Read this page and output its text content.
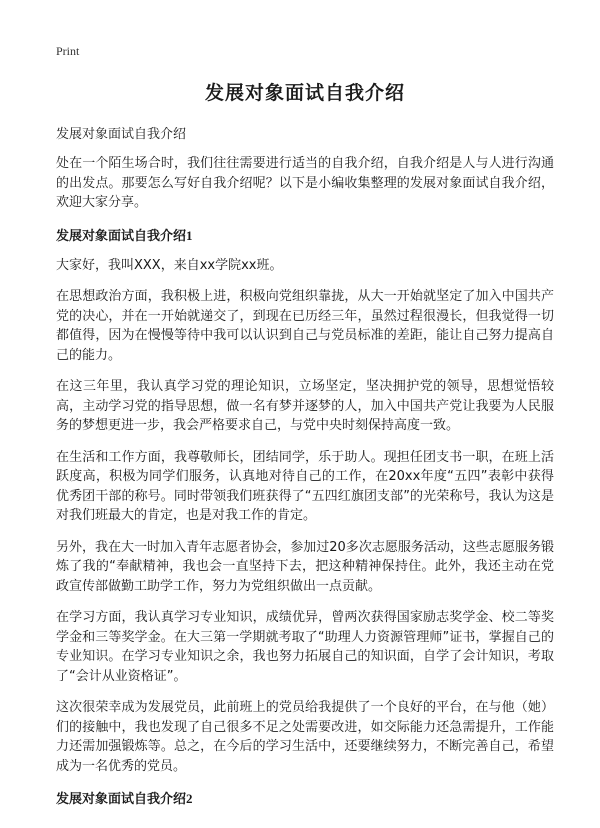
Print
发展对象面试自我介绍
发展对象面试自我介绍

处在一个陌生场合时，我们往往需要进行适当的自我介绍，自我介绍是人与人进行沟通的出发点。那要怎么写好自我介绍呢？以下是小编收集整理的发展对象面试自我介绍，欢迎大家分享。

发展对象面试自我介绍1

大家好，我叫XXX，来自xx学院xx班。

在思想政治方面，我积极上进，积极向党组织靠拢，从大一开始就坚定了加入中国共产党的决心，并在一开始就递交了，到现在已历经三年，虽然过程很漫长，但我觉得一切都值得，因为在慢慢等待中我可以认识到自己与党员标准的差距，能让自己努力提高自己的能力。

在这三年里，我认真学习党的理论知识，立场坚定，坚决拥护党的领导，思想觉悟较高，主动学习党的指导思想，做一名有梦并逐梦的人，加入中国共产党让我要为人民服务的梦想更进一步，我会严格要求自己，与党中央时刻保持高度一致。

在生活和工作方面，我尊敬师长，团结同学，乐于助人。现担任团支书一职，在班上活跃度高，积极为同学们服务，认真地对待自己的工作，在20xx年度“五四”表彰中获得优秀团干部的称号。同时带领我们班获得了“五四红旗团支部”的光荣称号，我认为这是对我们班最大的肯定，也是对我工作的肯定。

另外，我在大一时加入青年志愿者协会，参加过20多次志愿服务活动，这些志愿服务锻炼了我的“奉献精神，我也会一直坚持下去，把这种精神保持住。此外，我还主动在党政宣传部做勤工助学工作，努力为党组织做出一点贡献。

在学习方面，我认真学习专业知识，成绩优异，曾两次获得国家励志奖学金、校二等奖学金和三等奖学金。在大三第一学期就考取了“助理人力资源管理师”证书，掌握自己的专业知识。在学习专业知识之余，我也努力拓展自己的知识面，自学了会计知识，考取了“会计从业资格证”。

这次很荣幸成为发展党员，此前班上的党员给我提供了一个良好的平台，在与他（她）们的接触中，我也发现了自己很多不足之处需要改进，如交际能力还急需提升，工作能力还需加强锻炼等。总之，在今后的学习生活中，还要继续努力，不断完善自己，希望成为一名优秀的党员。

发展对象面试自我介绍2
